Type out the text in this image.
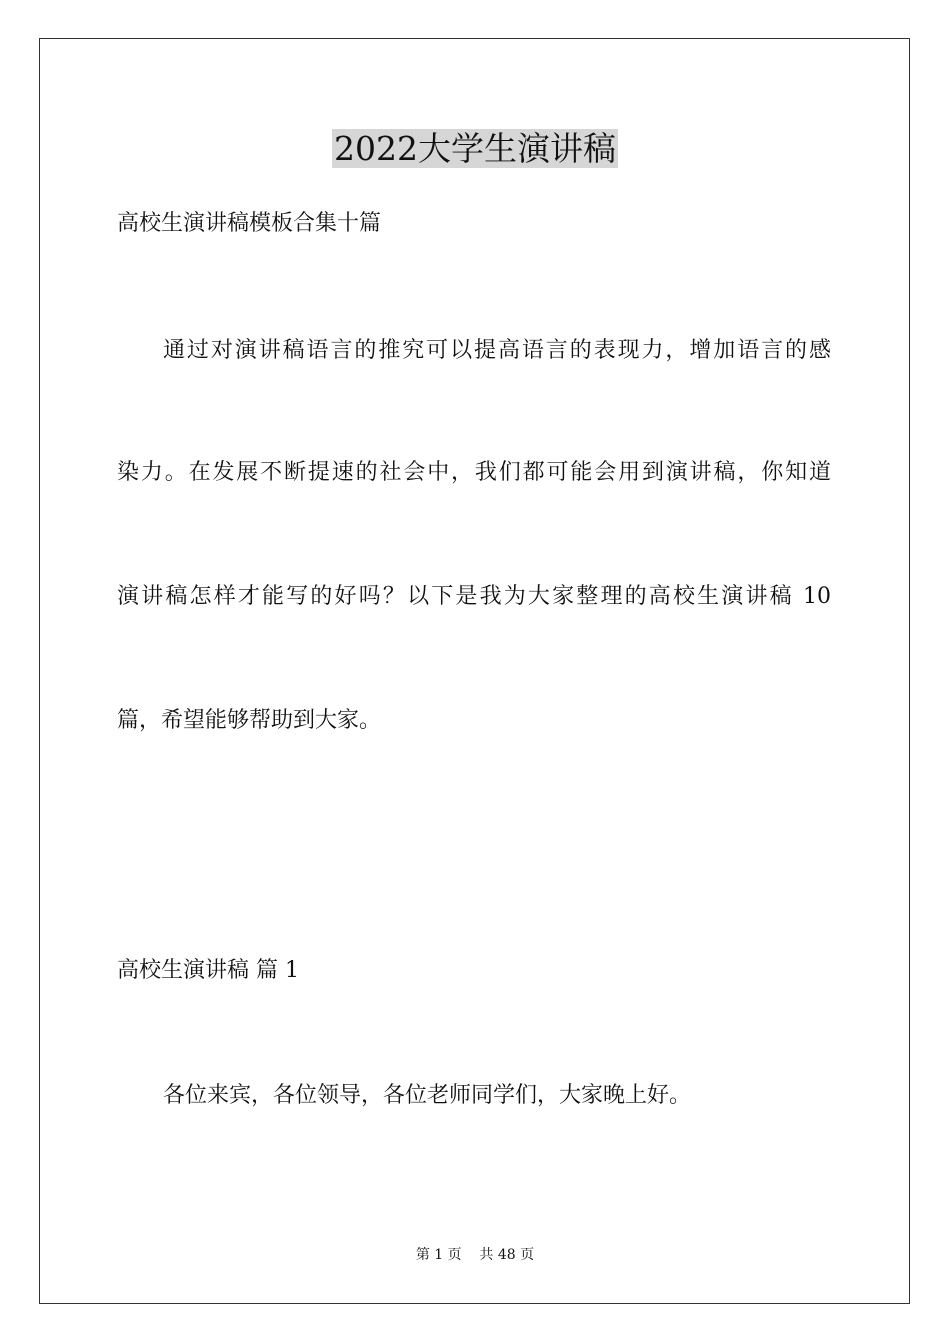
2022大学生演讲稿

高校生演讲稿模板合集十篇

通过对演讲稿语言的推究可以提高语言的表现力，增加语言的感

染力。在发展不断提速的社会中，我们都可能会用到演讲稿，你知道

演讲稿怎样才能写的好吗？以下是我为大家整理的高校生演讲稿 10

篇，希望能够帮助到大家。

高校生演讲稿 篇 1

各位来宾，各位领导，各位老师同学们，大家晚上好。

第 1 页    共 48 页
